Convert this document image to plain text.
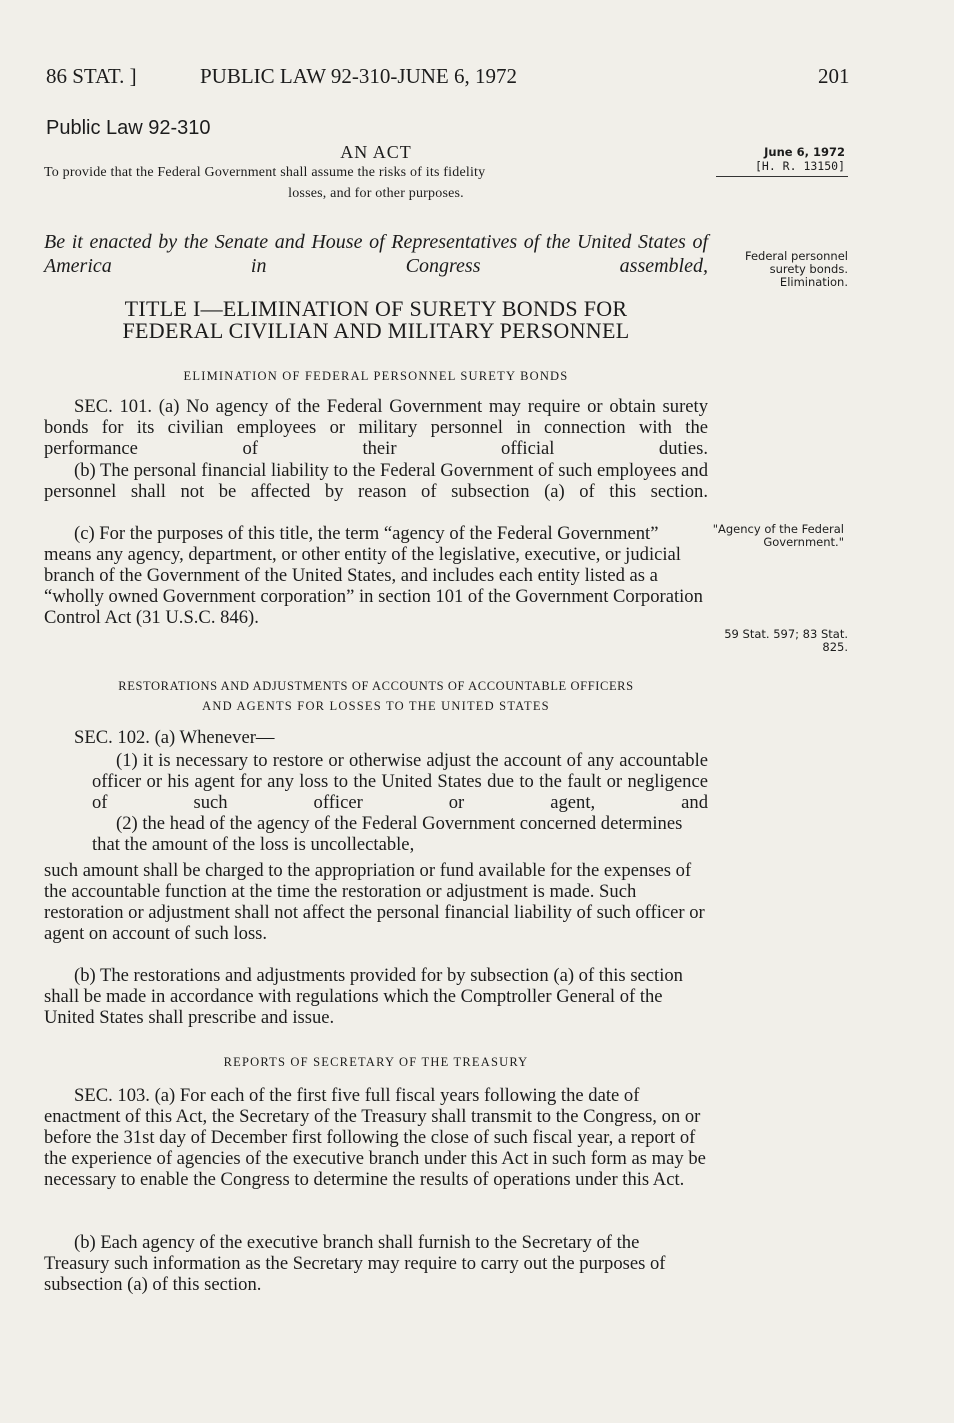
86 STAT. ]	PUBLIC LAW 92-310-JUNE 6, 1972	201
Public Law 92-310
AN ACT
To provide that the Federal Government shall assume the risks of its fidelity
losses, and for other purposes.
June 6, 1972
[H. R. 13150]
Be it enacted by the Senate and House of Representatives of the United States of America in Congress assembled,	Federal personnel surety bonds. Elimination.
TITLE I—ELIMINATION OF SURETY BONDS FOR
FEDERAL CIVILIAN AND MILITARY PERSONNEL
ELIMINATION OF FEDERAL PERSONNEL SURETY BONDS
SEC. 101. (a) No agency of the Federal Government may require or obtain surety bonds for its civilian employees or military personnel in connection with the performance of their official duties.
(b) The personal financial liability to the Federal Government of such employees and personnel shall not be affected by reason of subsection (a) of this section.
(c) For the purposes of this title, the term “agency of the Federal Government” means any agency, department, or other entity of the legislative, executive, or judicial branch of the Government of the United States, and includes each entity listed as a “wholly owned Government corporation” in section 101 of the Government Corporation Control Act (31 U.S.C. 846).
"Agency of the Federal Government."
59 Stat. 597; 83 Stat. 825.
RESTORATIONS AND ADJUSTMENTS OF ACCOUNTS OF ACCOUNTABLE OFFICERS
AND AGENTS FOR LOSSES TO THE UNITED STATES
SEC. 102. (a) Whenever—
(1) it is necessary to restore or otherwise adjust the account of any accountable officer or his agent for any loss to the United States due to the fault or negligence of such officer or agent, and
(2) the head of the agency of the Federal Government concerned determines that the amount of the loss is uncollectable,
such amount shall be charged to the appropriation or fund available for the expenses of the accountable function at the time the restoration or adjustment is made. Such restoration or adjustment shall not affect the personal financial liability of such officer or agent on account of such loss.
(b) The restorations and adjustments provided for by subsection (a) of this section shall be made in accordance with regulations which the Comptroller General of the United States shall prescribe and issue.
REPORTS OF SECRETARY OF THE TREASURY
SEC. 103. (a) For each of the first five full fiscal years following the date of enactment of this Act, the Secretary of the Treasury shall transmit to the Congress, on or before the 31st day of December first following the close of such fiscal year, a report of the experience of agencies of the executive branch under this Act in such form as may be necessary to enable the Congress to determine the results of operations under this Act.
(b) Each agency of the executive branch shall furnish to the Secretary of the Treasury such information as the Secretary may require to carry out the purposes of subsection (a) of this section.
